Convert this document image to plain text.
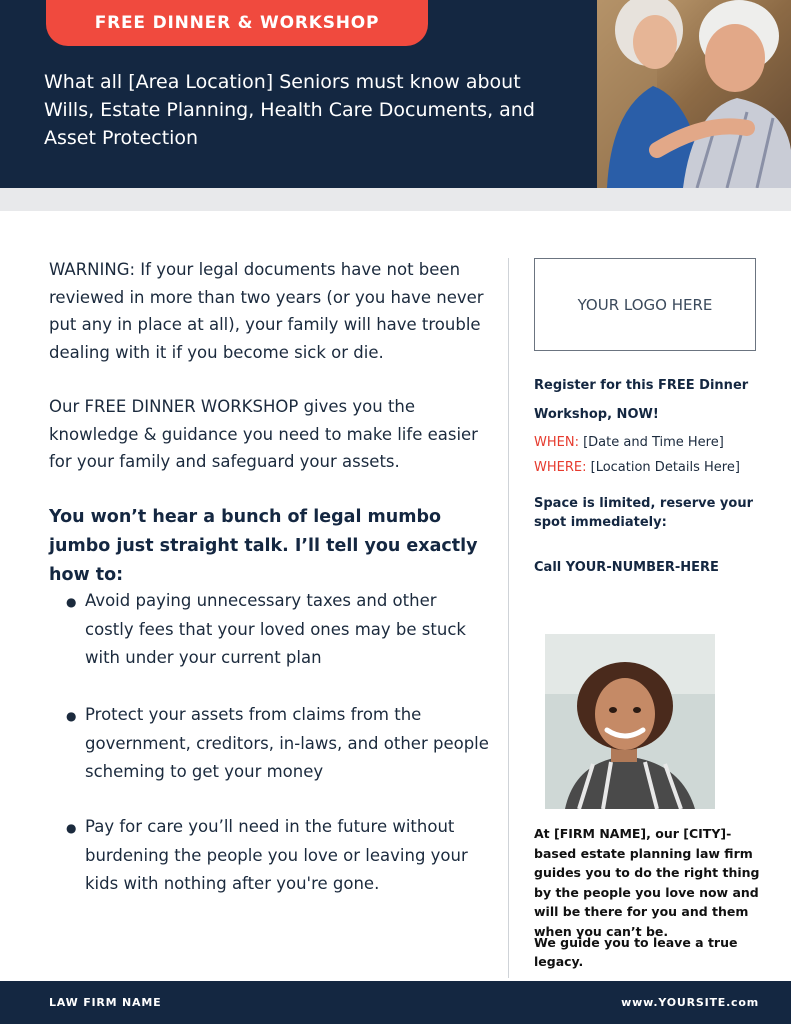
FREE DINNER & WORKSHOP
What all [Area Location] Seniors must know about Wills, Estate Planning, Health Care Documents, and Asset Protection

WARNING: If your legal documents have not been reviewed in more than two years (or you have never put any in place at all), your family will have trouble dealing with it if you become sick or die.

Our FREE DINNER WORKSHOP gives you the knowledge & guidance you need to make life easier for your family and safeguard your assets.

You won’t hear a bunch of legal mumbo jumbo just straight talk. I’ll tell you exactly how to:
● Avoid paying unnecessary taxes and other costly fees that your loved ones may be stuck with under your current plan
● Protect your assets from claims from the government, creditors, in-laws, and other people scheming to get your money
● Pay for care you’ll need in the future without burdening the people you love or leaving your kids with nothing after you're gone.
YOUR LOGO HERE
Register for this FREE Dinner Workshop, NOW!
WHEN: [Date and Time Here]
WHERE: [Location Details Here]
Space is limited, reserve your spot immediately:
Call YOUR-NUMBER-HERE
At [FIRM NAME], our [CITY]-based estate planning law firm guides you to do the right thing by the people you love now and will be there for you and them when you can’t be.
We guide you to leave a true legacy.
LAW FIRM NAME	www.YOURSITE.com
